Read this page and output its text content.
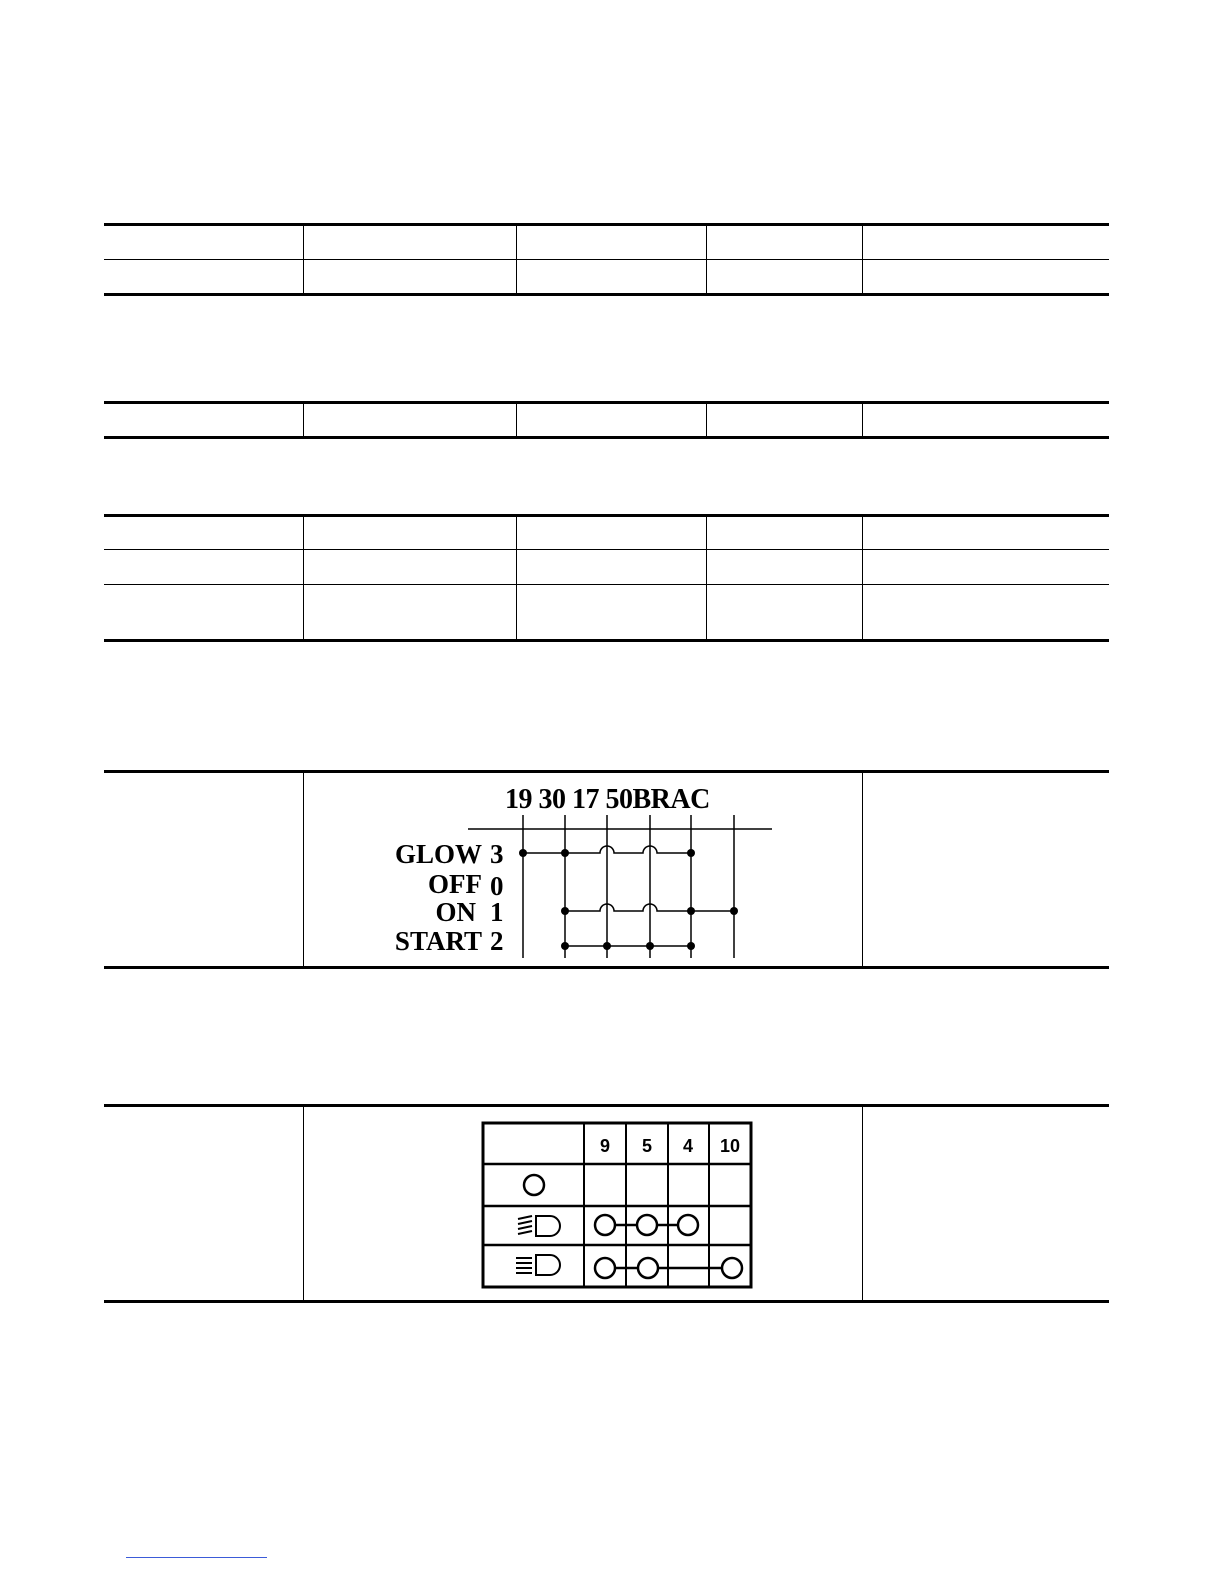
19 30 17 50BRAC
GLOW 3
OFF 0
ON 1
START 2
9 5 4 10
